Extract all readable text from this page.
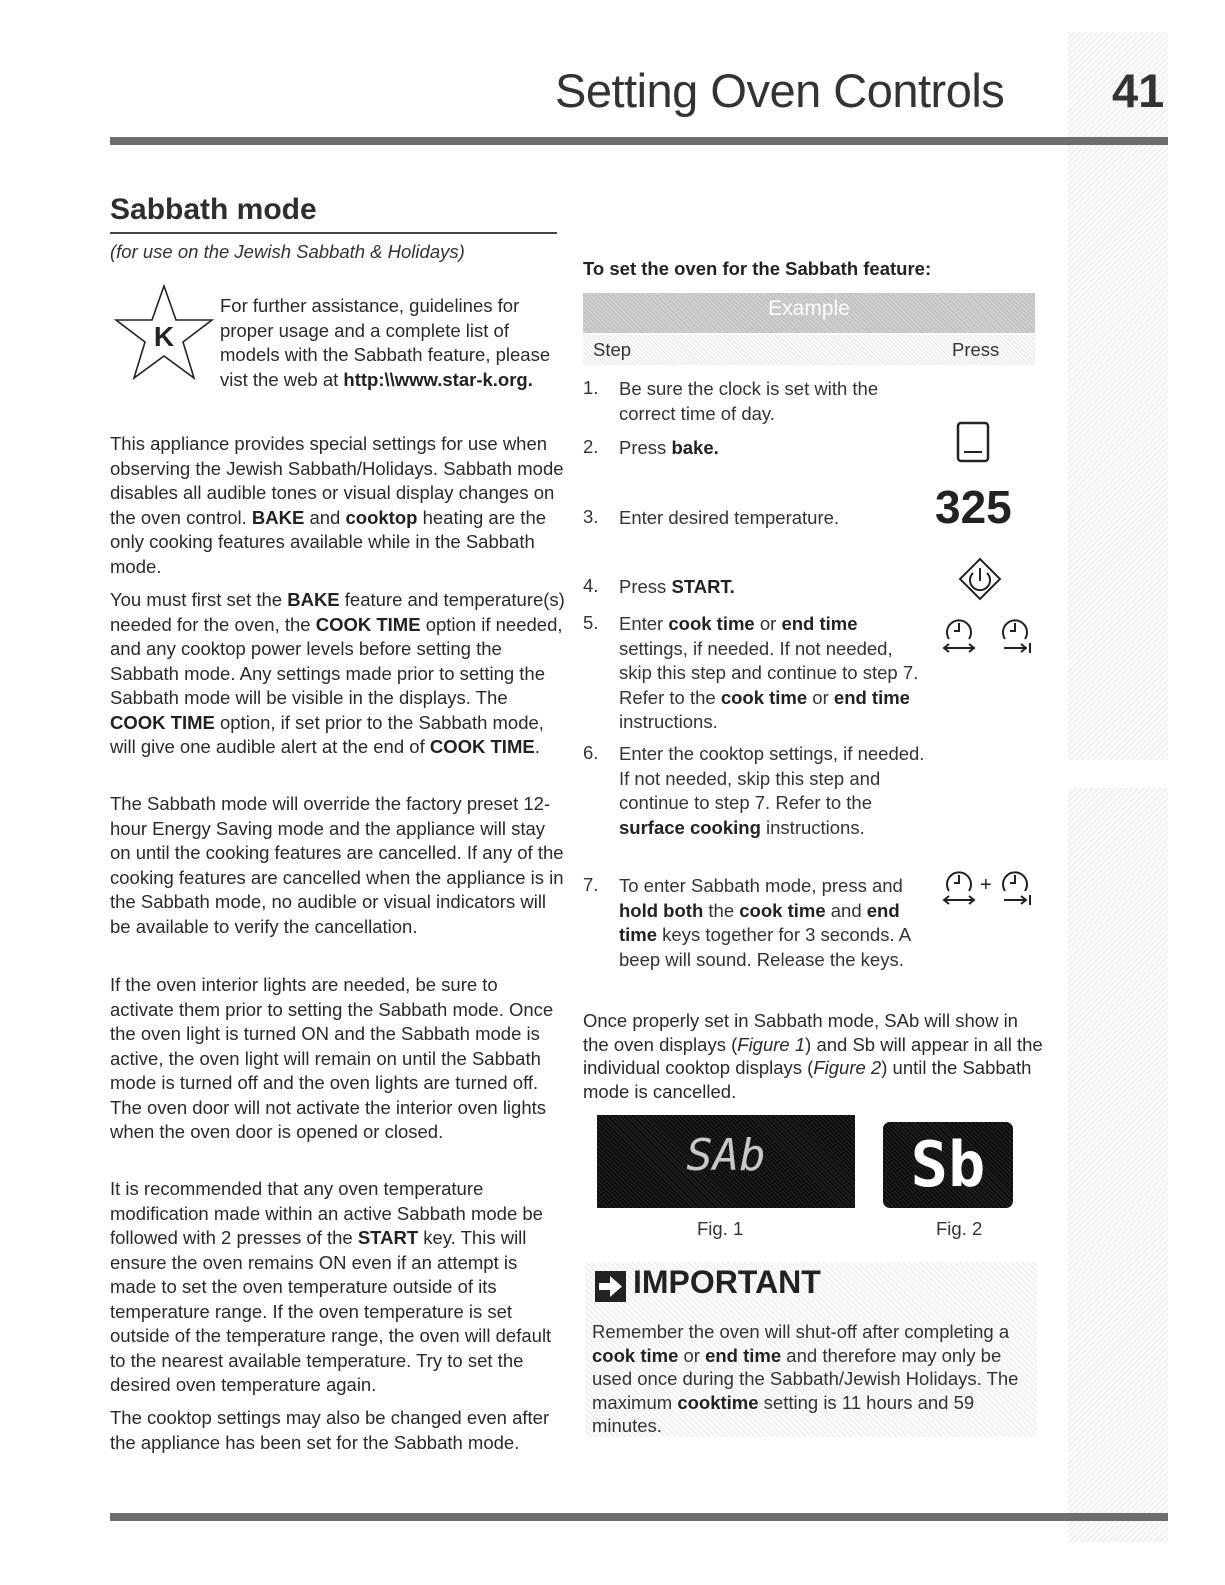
Setting Oven Controls 41
Sabbath mode
(for use on the Jewish Sabbath & Holidays)
K
For further assistance, guidelines for proper usage and a complete list of models with the Sabbath feature, please vist the web at http:\\www.star-k.org.

This appliance provides special settings for use when observing the Jewish Sabbath/Holidays. Sabbath mode disables all audible tones or visual display changes on the oven control. BAKE and cooktop heating are the only cooking features available while in the Sabbath mode.

You must first set the BAKE feature and temperature(s) needed for the oven, the COOK TIME option if needed, and any cooktop power levels before setting the Sabbath mode. Any settings made prior to setting the Sabbath mode will be visible in the displays. The COOK TIME option, if set prior to the Sabbath mode, will give one audible alert at the end of COOK TIME.

The Sabbath mode will override the factory preset 12-hour Energy Saving mode and the appliance will stay on until the cooking features are cancelled. If any of the cooking features are cancelled when the appliance is in the Sabbath mode, no audible or visual indicators will be available to verify the cancellation.

If the oven interior lights are needed, be sure to activate them prior to setting the Sabbath mode. Once the oven light is turned ON and the Sabbath mode is active, the oven light will remain on until the Sabbath mode is turned off and the oven lights are turned off. The oven door will not activate the interior oven lights when the oven door is opened or closed.

It is recommended that any oven temperature modification made within an active Sabbath mode be followed with 2 presses of the START key. This will ensure the oven remains ON even if an attempt is made to set the oven temperature outside of its temperature range. If the oven temperature is set outside of the temperature range, the oven will default to the nearest available temperature. Try to set the desired oven temperature again.

The cooktop settings may also be changed even after the appliance has been set for the Sabbath mode.

To set the oven for the Sabbath feature:
Example
Step	Press
1. Be sure the clock is set with the correct time of day.
2. Press bake.
3. Enter desired temperature.	325
4. Press START.
5. Enter cook time or end time settings, if needed. If not needed, skip this step and continue to step 7. Refer to the cook time or end time instructions.
6. Enter the cooktop settings, if needed. If not needed, skip this step and continue to step 7. Refer to the surface cooking instructions.
7. To enter Sabbath mode, press and hold both the cook time and end time keys together for 3 seconds. A beep will sound. Release the keys.
+
Once properly set in Sabbath mode, SAb will show in the oven displays (Figure 1) and Sb will appear in all the individual cooktop displays (Figure 2) until the Sabbath mode is cancelled.
SAb
Fig. 1
Sb
Fig. 2
IMPORTANT
Remember the oven will shut-off after completing a cook time or end time and therefore may only be used once during the Sabbath/Jewish Holidays. The maximum cooktime setting is 11 hours and 59 minutes.
